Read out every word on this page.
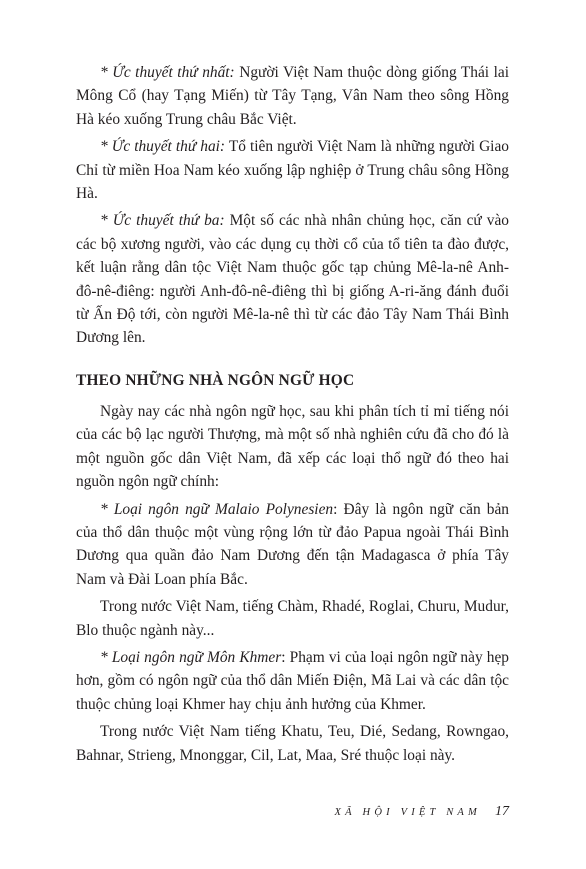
* Ức thuyết thứ nhất: Người Việt Nam thuộc dòng giống Thái lai Mông Cổ (hay Tạng Miến) từ Tây Tạng, Vân Nam theo sông Hồng Hà kéo xuống Trung châu Bắc Việt.

* Ức thuyết thứ hai: Tổ tiên người Việt Nam là những người Giao Chỉ từ miền Hoa Nam kéo xuống lập nghiệp ở Trung châu sông Hồng Hà.

* Ức thuyết thứ ba: Một số các nhà nhân chủng học, căn cứ vào các bộ xương người, vào các dụng cụ thời cổ của tổ tiên ta đào được, kết luận rằng dân tộc Việt Nam thuộc gốc tạp chủng Mê-la-nê Anh-đô-nê-điêng: người Anh-đô-nê-điêng thì bị giống A-ri-ăng đánh đuổi từ Ấn Độ tới, còn người Mê-la-nê thì từ các đảo Tây Nam Thái Bình Dương lên.

THEO NHỮNG NHÀ NGÔN NGỮ HỌC

Ngày nay các nhà ngôn ngữ học, sau khi phân tích tỉ mỉ tiếng nói của các bộ lạc người Thượng, mà một số nhà nghiên cứu đã cho đó là một nguồn gốc dân Việt Nam, đã xếp các loại thổ ngữ đó theo hai nguồn ngôn ngữ chính:

* Loại ngôn ngữ Malaio Polynesien: Đây là ngôn ngữ căn bản của thổ dân thuộc một vùng rộng lớn từ đảo Papua ngoài Thái Bình Dương qua quần đảo Nam Dương đến tận Madagasca ở phía Tây Nam và Đài Loan phía Bắc.

Trong nước Việt Nam, tiếng Chàm, Rhadé, Roglai, Churu, Mudur, Blo thuộc ngành này...

* Loại ngôn ngữ Môn Khmer: Phạm vi của loại ngôn ngữ này hẹp hơn, gồm có ngôn ngữ của thổ dân Miến Điện, Mã Lai và các dân tộc thuộc chủng loại Khmer hay chịu ảnh hưởng của Khmer.

Trong nước Việt Nam tiếng Khatu, Teu, Dié, Sedang, Rowngao, Bahnar, Strieng, Mnonggar, Cil, Lat, Maa, Sré thuộc loại này.

XÃ HỘI VIỆT NAM 17
